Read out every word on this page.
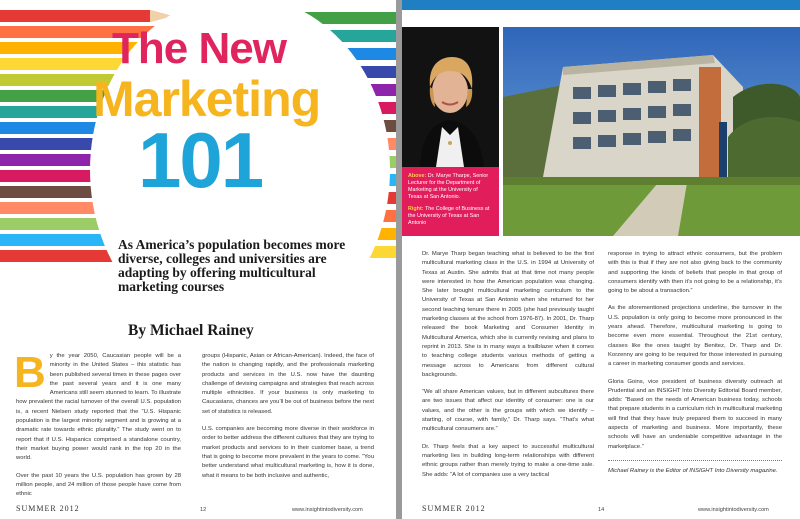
The New
Marketing
101
As America’s population becomes more diverse, colleges and universities are adapting by offering multicultural marketing courses
By Michael Rainey

By the year 2050, Caucasian people will be a minority in the United States – this statistic has been published several times in these pages over the past several years and it is one many Americans still seem stunned to learn. To illustrate how prevalent the racial turnover of the overall U.S. population is, a recent Nielsen study reported that the “U.S. Hispanic population is the largest minority segment and is growing at a dramatic rate towards ethnic plurality.” The study went on to report that if U.S. Hispanics comprised a standalone country, their market buying power would rank in the top 20 in the world.

Over the past 10 years the U.S. population has grown by 28 million people, and 24 million of those people have come from ethnic

groups (Hispanic, Asian or African-American). Indeed, the face of the nation is changing rapidly, and the professionals marketing products and services in the U.S. now have the daunting challenge of devising campaigns and strategies that reach across multiple ethnicities. If your business is only marketing to Caucasians, chances are you’ll be out of business before the next set of statistics is released.

U.S. companies are becoming more diverse in their workforce in order to better address the different cultures that they are trying to market products and services to in their customer base, a trend that is going to become more prevalent in the years to come. “You better understand what multicultural marketing is, how it is done, what it means to be both inclusive and authentic,

SUMMER 2012	12	www.insightintodiversity.com
Above: Dr. Marye Tharpe, Senior Lecturer for the Department of Marketing at the University of Texas at San Antonio.
Right: The College of Business at the University of Texas at San Antonio

Dr. Marye Tharp began teaching what is believed to be the first multicultural marketing class in the U.S. in 1994 at University of Texas at Austin. She admits that at that time not many people were interested in how the American population was changing. She later brought multicultural marketing curriculum to the University of Texas at San Antonio when she returned for her second teaching tenure there in 2005 (she had previously taught marketing classes at the school from 1976-87). In 2001, Dr. Tharp released the book Marketing and Consumer Identity in Multicultural America, which she is currently revising and plans to reprint in 2013. She is in many ways a trailblazer when it comes to teaching college students various methods of getting a message across to Americans from different cultural backgrounds.

“We all share American values, but in different subcultures there are two issues that affect our identity of consumer: one is our values, and the other is the groups with which we identify – starting, of course, with family,” Dr. Tharp says. “That’s what multicultural consumers are.”

Dr. Tharp feels that a key aspect to successful multicultural marketing lies in building long-term relationships with different ethnic groups rather than merely trying to make a one-time sale. She adds: “A lot of companies use a very tactical

response in trying to attract ethnic consumers, but the problem with this is that if they are not also giving back to the community and supporting the kinds of beliefs that people in that group of consumers identify with then it’s not going to be a relationship, it’s going to be about a transaction.”

As the aforementioned projections underline, the turnover in the U.S. population is only going to become more pronounced in the years ahead. Therefore, multicultural marketing is going to become even more essential. Throughout the 21st century, classes like the ones taught by Benitez, Dr. Tharp and Dr. Korzenny are going to be required for those interested in pursuing a career in marketing consumer goods and services.

Gloria Goins, vice president of business diversity outreach at Prudential and an INSIGHT Into Diversity Editorial Board member, adds: “Based on the needs of American business today, schools that prepare students in a curriculum rich in multicultural marketing will find that they have truly prepared them to succeed in many aspects of marketing and business. More importantly, these schools will have an undeniable competitive advantage in the marketplace.”

Michael Rainey is the Editor of INSIGHT Into Diversity magazine.

SUMMER 2012	14	www.insightintodiversity.com
